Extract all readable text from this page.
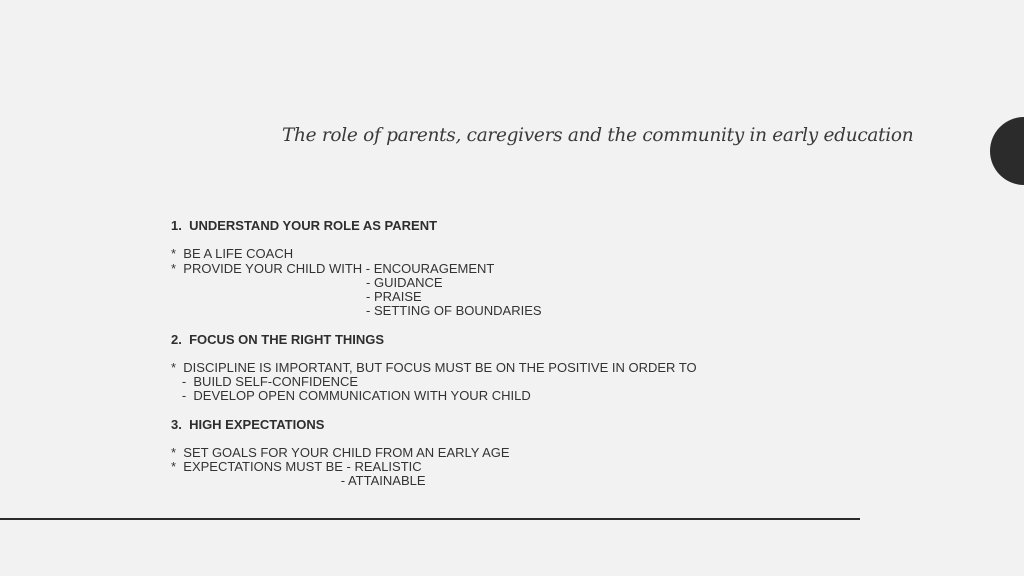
The role of parents, caregivers and the community in early education
1.  UNDERSTAND YOUR ROLE AS PARENT
*  BE A LIFE COACH
*  PROVIDE YOUR CHILD WITH - ENCOURAGEMENT
- GUIDANCE
- PRAISE
- SETTING OF BOUNDARIES
2.  FOCUS ON THE RIGHT THINGS
*  DISCIPLINE IS IMPORTANT, BUT FOCUS MUST BE ON THE POSITIVE IN ORDER TO
-  BUILD SELF-CONFIDENCE
-  DEVELOP OPEN COMMUNICATION WITH YOUR CHILD
3.  HIGH EXPECTATIONS
*  SET GOALS FOR YOUR CHILD FROM AN EARLY AGE
*  EXPECTATIONS MUST BE - REALISTIC
- ATTAINABLE
